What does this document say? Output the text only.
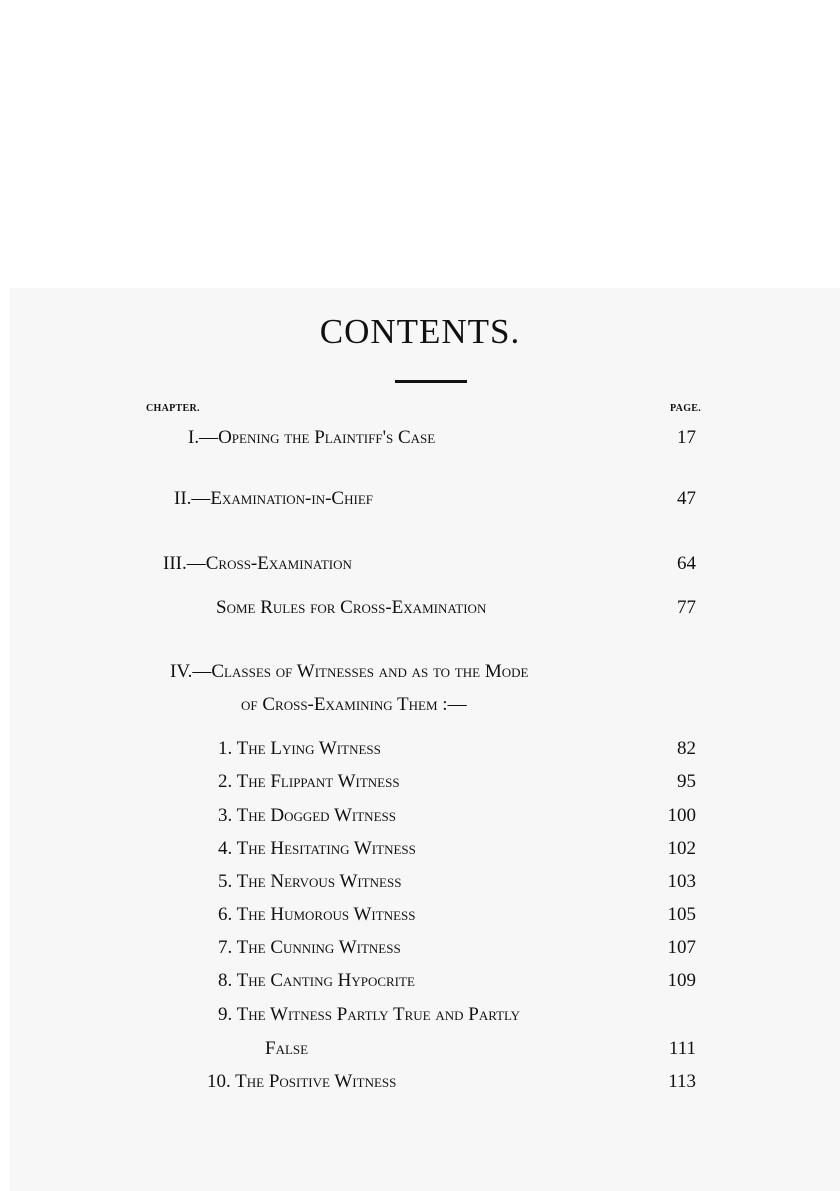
CONTENTS.
CHAPTER.	PAGE.
I.—Opening the Plaintiff's Case	17
II.—Examination-in-Chief	47
III.—Cross-Examination	64
Some Rules for Cross-Examination	77
IV.—Classes of Witnesses and as to the Mode
of Cross-Examining Them :—
1. The Lying Witness	82
2. The Flippant Witness	95
3. The Dogged Witness	100
4. The Hesitating Witness	102
5. The Nervous Witness	103
6. The Humorous Witness	105
7. The Cunning Witness	107
8. The Canting Hypocrite	109
9. The Witness Partly True and Partly
False	111
10. The Positive Witness	113
